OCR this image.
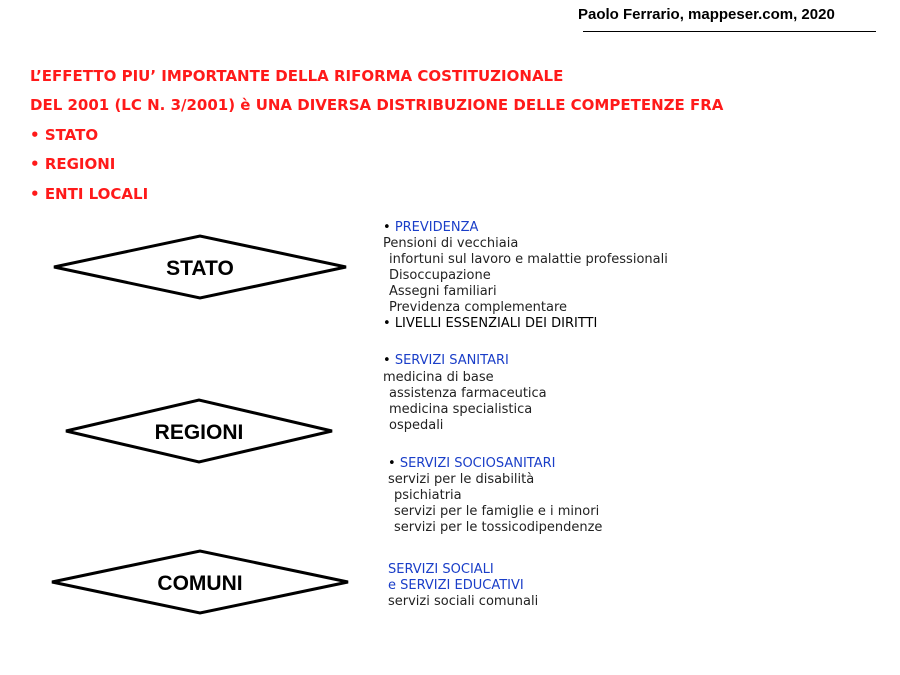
Paolo Ferrario, mappeser.com, 2020
L’EFFETTO PIU’ IMPORTANTE DELLA RIFORMA COSTITUZIONALE
DEL 2001 (LC N. 3/2001) è UNA DIVERSA DISTRIBUZIONE DELLE COMPETENZE FRA
• STATO
• REGIONI
• ENTI LOCALI
STATO
REGIONI
COMUNI
• PREVIDENZA
Pensioni di vecchiaia
infortuni sul lavoro e malattie professionali
Disoccupazione
Assegni familiari
Previdenza complementare
• LIVELLI ESSENZIALI DEI DIRITTI
• SERVIZI SANITARI
medicina di base
assistenza farmaceutica
medicina specialistica
ospedali
• SERVIZI SOCIOSANITARI
servizi per le disabilità
psichiatria
servizi per le famiglie e i minori
servizi per le tossicodipendenze
SERVIZI SOCIALI
e SERVIZI EDUCATIVI
servizi sociali comunali
